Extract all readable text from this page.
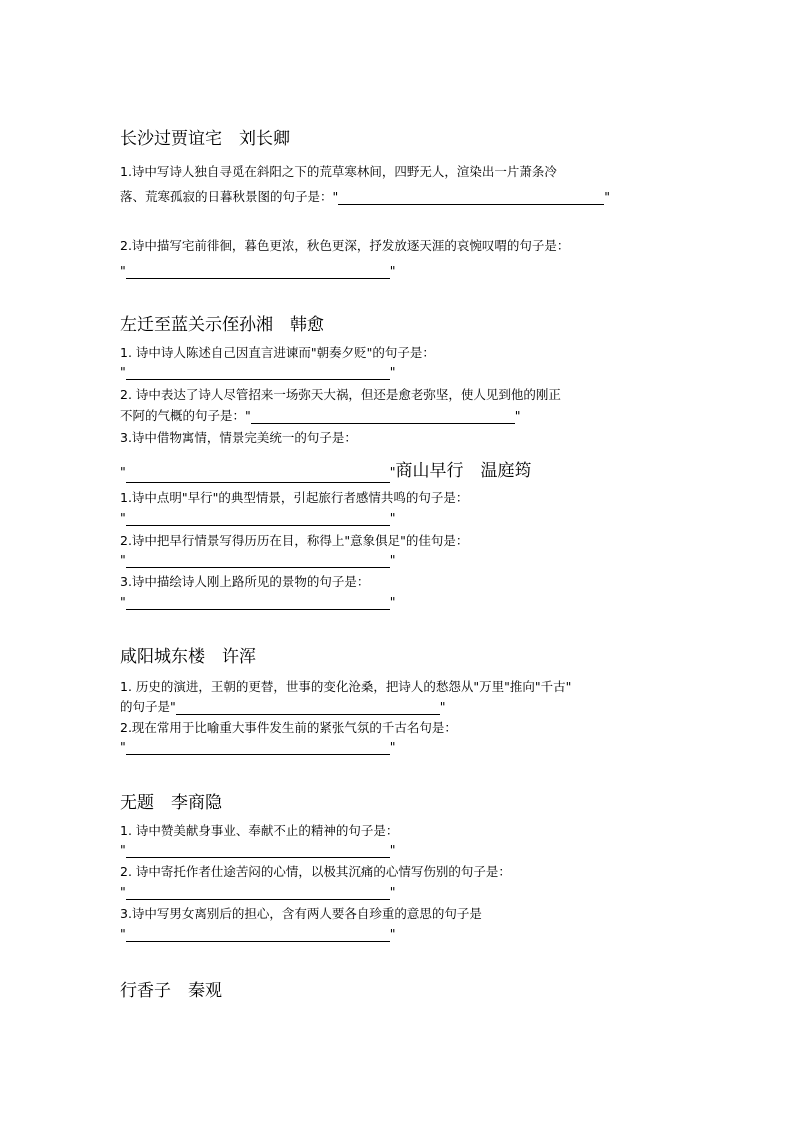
长沙过贾谊宅　刘长卿
1.诗中写诗人独自寻觅在斜阳之下的荒草寒林间，四野无人，渲染出一片萧条冷
落、荒寒孤寂的日暮秋景图的句子是："	"
2.诗中描写宅前徘徊，暮色更浓，秋色更深，抒发放逐天涯的哀惋叹喟的句子是：
"	"
左迁至蓝关示侄孙湘　韩愈
1. 诗中诗人陈述自己因直言进谏而"朝奏夕贬"的句子是：
"	"
2. 诗中表达了诗人尽管招来一场弥天大祸，但还是愈老弥坚，使人见到他的刚正
不阿的气概的句子是："	"
3.诗中借物寓情，情景完美统一的句子是：
"	"商山早行　温庭筠
1.诗中点明"早行"的典型情景，引起旅行者感情共鸣的句子是：
"	"
2.诗中把早行情景写得历历在目，称得上"意象俱足"的佳句是：
"	"
3.诗中描绘诗人刚上路所见的景物的句子是：
"	"
咸阳城东楼　许浑
1. 历史的演进，王朝的更替，世事的变化沧桑，把诗人的愁怨从"万里"推向"千古"
的句子是"	"
2.现在常用于比喻重大事件发生前的紧张气氛的千古名句是：
"	"
无题　李商隐
1. 诗中赞美献身事业、奉献不止的精神的句子是：
"	"
2. 诗中寄托作者仕途苦闷的心情，以极其沉痛的心情写伤别的句子是：
"	"
3.诗中写男女离别后的担心，含有两人要各自珍重的意思的句子是
"	"
行香子　秦观
